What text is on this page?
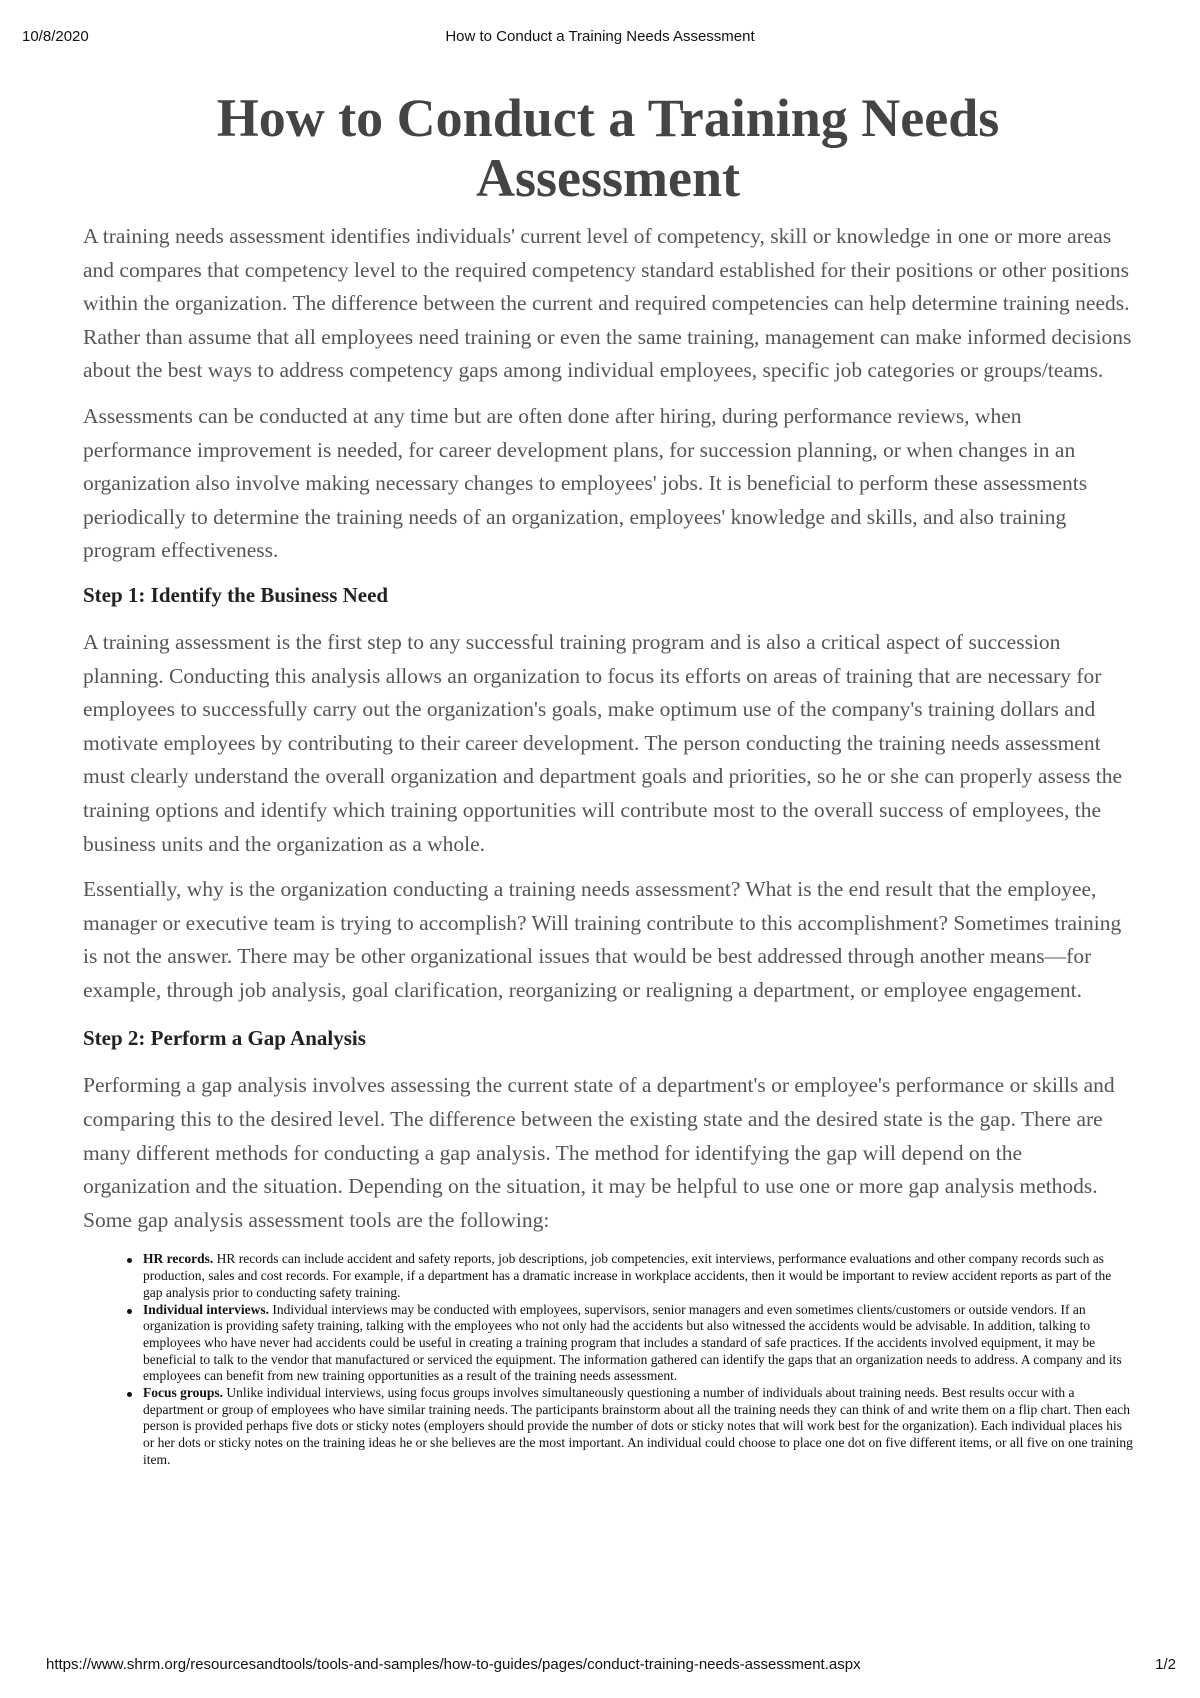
10/8/2020	How to Conduct a Training Needs Assessment
How to Conduct a Training Needs
Assessment

A training needs assessment identifies individuals' current level of competency, skill or knowledge in one or more areas and compares that competency level to the required competency standard established for their positions or other positions within the organization. The difference between the current and required competencies can help determine training needs. Rather than assume that all employees need training or even the same training, management can make informed decisions about the best ways to address competency gaps among individual employees, specific job categories or groups/teams.

Assessments can be conducted at any time but are often done after hiring, during performance reviews, when performance improvement is needed, for career development plans, for succession planning, or when changes in an organization also involve making necessary changes to employees' jobs. It is beneficial to perform these assessments periodically to determine the training needs of an organization, employees' knowledge and skills, and also training program effectiveness.

Step 1: Identify the Business Need

A training assessment is the first step to any successful training program and is also a critical aspect of succession planning. Conducting this analysis allows an organization to focus its efforts on areas of training that are necessary for employees to successfully carry out the organization's goals, make optimum use of the company's training dollars and motivate employees by contributing to their career development. The person conducting the training needs assessment must clearly understand the overall organization and department goals and priorities, so he or she can properly assess the training options and identify which training opportunities will contribute most to the overall success of employees, the business units and the organization as a whole.

Essentially, why is the organization conducting a training needs assessment? What is the end result that the employee, manager or executive team is trying to accomplish? Will training contribute to this accomplishment? Sometimes training is not the answer. There may be other organizational issues that would be best addressed through another means—for example, through job analysis, goal clarification, reorganizing or realigning a department, or employee engagement.

Step 2: Perform a Gap Analysis

Performing a gap analysis involves assessing the current state of a department's or employee's performance or skills and comparing this to the desired level. The difference between the existing state and the desired state is the gap. There are many different methods for conducting a gap analysis. The method for identifying the gap will depend on the organization and the situation. Depending on the situation, it may be helpful to use one or more gap analysis methods. Some gap analysis assessment tools are the following:

HR records. HR records can include accident and safety reports, job descriptions, job competencies, exit interviews, performance evaluations and other company records such as production, sales and cost records. For example, if a department has a dramatic increase in workplace accidents, then it would be important to review accident reports as part of the gap analysis prior to conducting safety training.
Individual interviews. Individual interviews may be conducted with employees, supervisors, senior managers and even sometimes clients/customers or outside vendors. If an organization is providing safety training, talking with the employees who not only had the accidents but also witnessed the accidents would be advisable. In addition, talking to employees who have never had accidents could be useful in creating a training program that includes a standard of safe practices. If the accidents involved equipment, it may be beneficial to talk to the vendor that manufactured or serviced the equipment. The information gathered can identify the gaps that an organization needs to address. A company and its employees can benefit from new training opportunities as a result of the training needs assessment.
Focus groups. Unlike individual interviews, using focus groups involves simultaneously questioning a number of individuals about training needs. Best results occur with a department or group of employees who have similar training needs. The participants brainstorm about all the training needs they can think of and write them on a flip chart. Then each person is provided perhaps five dots or sticky notes (employers should provide the number of dots or sticky notes that will work best for the organization). Each individual places his or her dots or sticky notes on the training ideas he or she believes are the most important. An individual could choose to place one dot on five different items, or all five on one training item.
https://www.shrm.org/resourcesandtools/tools-and-samples/how-to-guides/pages/conduct-training-needs-assessment.aspx	1/2
